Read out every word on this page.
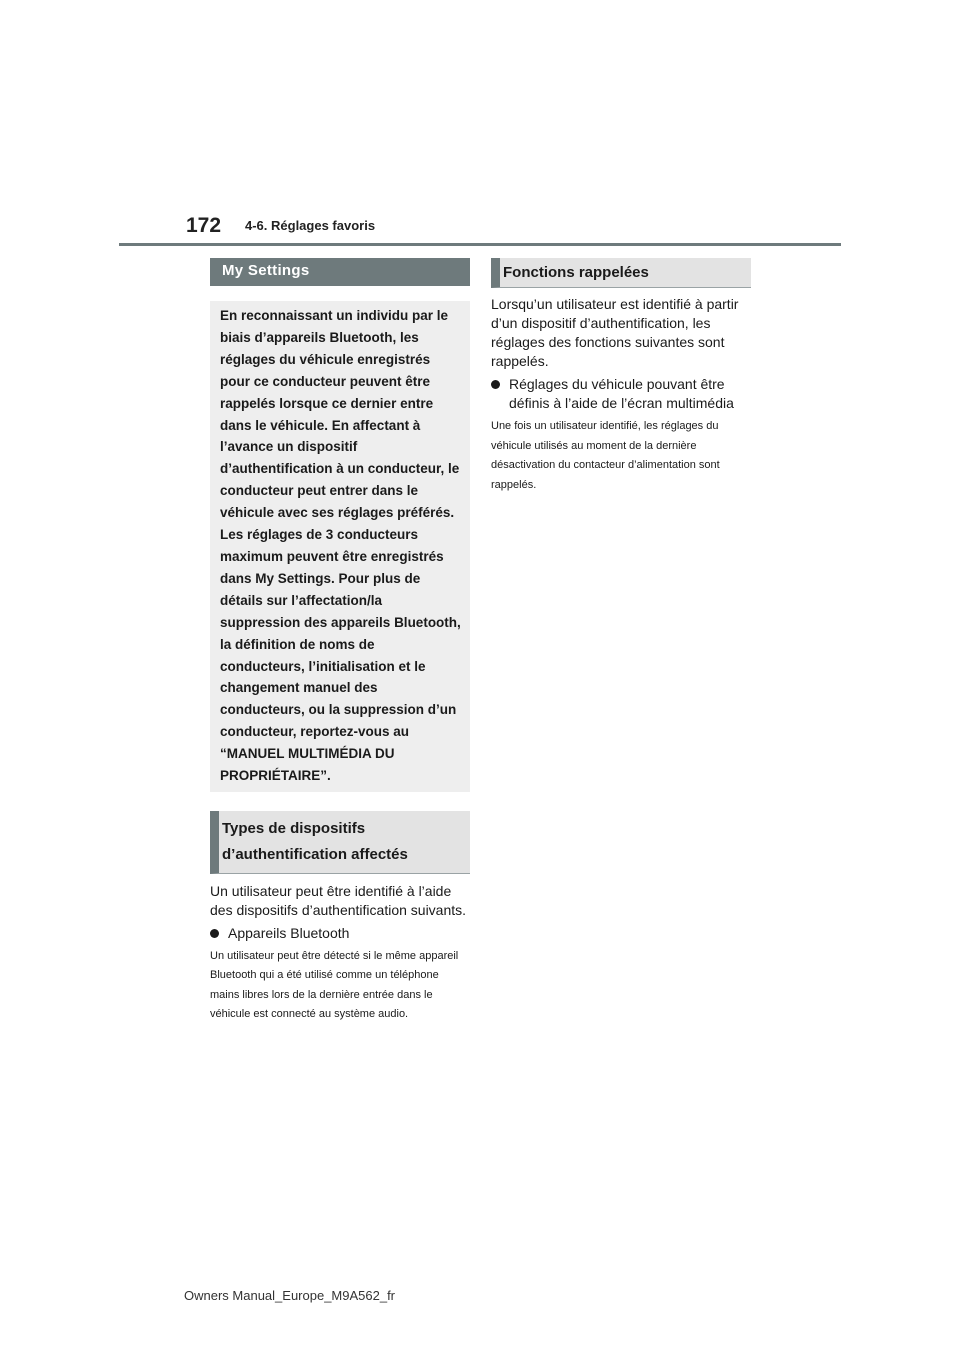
172 4-6. Réglages favoris
My Settings
En reconnaissant un individu par le biais d’appareils Bluetooth, les réglages du véhicule enregistrés pour ce conducteur peuvent être rappelés lorsque ce dernier entre dans le véhicule. En affectant à l’avance un dispositif d’authentification à un conducteur, le conducteur peut entrer dans le véhicule avec ses réglages préférés. Les réglages de 3 conducteurs maximum peuvent être enregistrés dans My Settings. Pour plus de détails sur l’affectation/la suppression des appareils Bluetooth, la définition de noms de conducteurs, l’initialisation et le changement manuel des conducteurs, ou la suppression d’un conducteur, reportez-vous au “MANUEL MULTIMÉDIA DU PROPRIÉTAIRE”.
Types de dispositifs d’authentification affectés

Un utilisateur peut être identifié à l’aide des dispositifs d’authentification suivants.

Appareils Bluetooth
Un utilisateur peut être détecté si le même appareil Bluetooth qui a été utilisé comme un téléphone mains libres lors de la dernière entrée dans le véhicule est connecté au système audio.
Fonctions rappelées

Lorsqu’un utilisateur est identifié à partir d’un dispositif d’authentification, les réglages des fonctions suivantes sont rappelés.

Réglages du véhicule pouvant être définis à l’aide de l’écran multimédia
Une fois un utilisateur identifié, les réglages du véhicule utilisés au moment de la dernière désactivation du contacteur d’alimentation sont rappelés.
Owners Manual_Europe_M9A562_fr
